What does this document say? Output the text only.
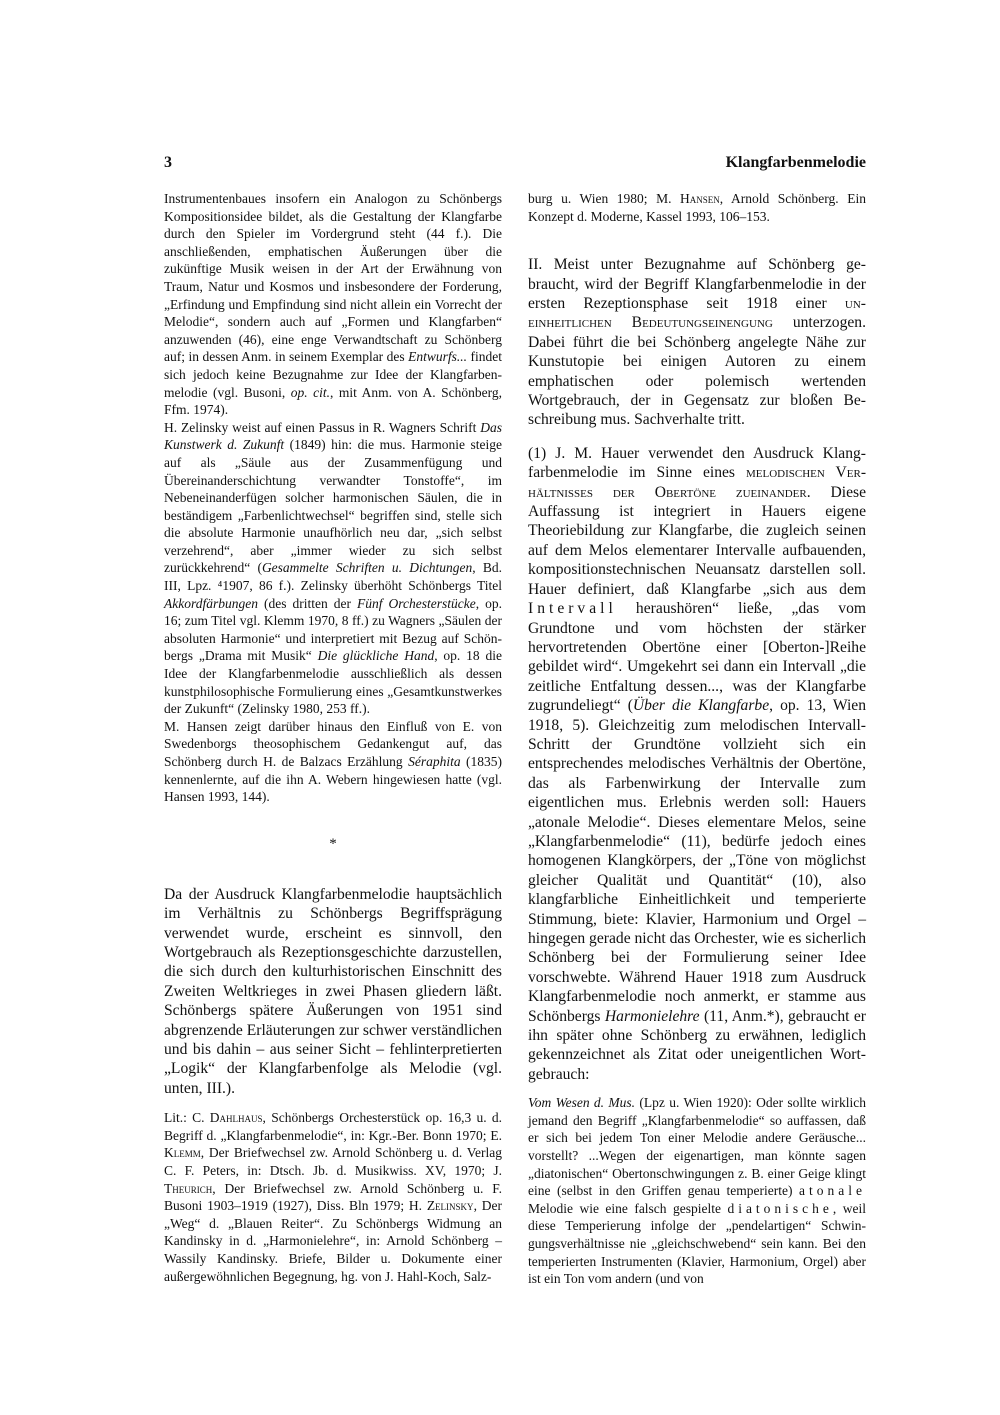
3	Klangfarbenmelodie

Instrumentenbaues insofern ein Analogon zu Schönbergs Kompositionsidee bildet, als die Gestaltung der Klangfarbe durch den Spieler im Vordergrund steht (44 f.). Die anschließenden, emphatischen Äußerungen über die zukünftige Musik weisen in der Art der Erwähnung von Traum, Natur und Kosmos und insbesondere der Forderung, „Erfindung und Empfindung sind nicht allein ein Vorrecht der Melodie“, sondern auch auf „Formen und Klangfarben“ anzuwenden (46), eine enge Verwandtschaft zu Schönberg auf; in dessen Anm. in seinem Exemplar des Entwurfs... findet sich jedoch keine Bezugnahme zur Idee der Klangfarbenmelodie (vgl. Busoni, op. cit., mit Anm. von A. Schönberg, Ffm. 1974).

H. Zelinsky weist auf einen Passus in R. Wagners Schrift Das Kunstwerk d. Zukunft (1849) hin: die mus. Harmonie steige auf als „Säule aus der Zusammenfügung und Übereinanderschichtung verwandter Tonstoffe“, im Nebeneinanderfügen solcher harmonischen Säulen, die in beständigem „Farbenlichtwechsel“ begriffen sind, stelle sich die absolute Harmonie unaufhörlich neu dar, „sich selbst verzehrend“, aber „immer wieder zu sich selbst zurückkehrend“ (Gesammelte Schriften u. Dichtungen, Bd. III, Lpz. ⁴1907, 86 f.). Zelinsky überhöht Schönbergs Titel Akkordfärbungen (des dritten der Fünf Orchesterstücke, op. 16; zum Titel vgl. Klemm 1970, 8 ff.) zu Wagners „Säulen der absoluten Harmonie“ und interpretiert mit Bezug auf Schönbergs „Drama mit Musik“ Die glückliche Hand, op. 18 die Idee der Klangfarbenmelodie ausschließlich als dessen kunstphilosophische Formulierung eines „Gesamtkunstwerkes der Zukunft“ (Zelinsky 1980, 253 ff.).

M. Hansen zeigt darüber hinaus den Einfluß von E. von Swedenborgs theosophischem Gedankengut auf, das Schönberg durch H. de Balzacs Erzählung Séraphita (1835) kennenlernte, auf die ihn A. Webern hingewiesen hatte (vgl. Hansen 1993, 144).

*

Da der Ausdruck Klangfarbenmelodie hauptsächlich im Verhältnis zu Schönbergs Begriffsprägung verwendet wurde, erscheint es sinnvoll, den Wortgebrauch als Rezeptionsgeschichte darzustellen, die sich durch den kulturhistorischen Einschnitt des Zweiten Weltkrieges in zwei Phasen gliedern läßt. Schönbergs spätere Äußerungen von 1951 sind abgrenzende Erläuterungen zur schwer verständlichen und bis dahin – aus seiner Sicht – fehlinterpretierten „Logik“ der Klangfarbenfolge als Melodie (vgl. unten, III.).

Lit.: C. Dahlhaus, Schönbergs Orchesterstück op. 16,3 u. d. Begriff d. „Klangfarbenmelodie“, in: Kgr.-Ber. Bonn 1970; E. Klemm, Der Briefwechsel zw. Arnold Schönberg u. d. Verlag C. F. Peters, in: Dtsch. Jb. d. Musikwiss. XV, 1970; J. Theurich, Der Briefwechsel zw. Arnold Schönberg u. F. Busoni 1903–1919 (1927), Diss. Bln 1979; H. Zelinsky, Der „Weg“ d. „Blauen Reiter“. Zu Schönbergs Widmung an Kandinsky in d. „Harmonielehre“, in: Arnold Schönberg – Wassily Kandinsky. Briefe, Bilder u. Dokumente einer außergewöhnlichen Begegnung, hg. von J. Hahl-Koch, Salz-

burg u. Wien 1980; M. Hansen, Arnold Schönberg. Ein Konzept d. Moderne, Kassel 1993, 106–153.

II. Meist unter Bezugnahme auf Schönberg gebraucht, wird der Begriff Klangfarbenmelodie in der ersten Rezeptionsphase seit 1918 einer uneinheitlichen Bedeutungseinengung unterzogen. Dabei führt die bei Schönberg angelegte Nähe zur Kunstutopie bei einigen Autoren zu einem emphatischen oder polemisch wertenden Wortgebrauch, der in Gegensatz zur bloßen Beschreibung mus. Sachverhalte tritt.

(1) J. M. Hauer verwendet den Ausdruck Klangfarbenmelodie im Sinne eines melodischen Verhältnisses der Obertöne zueinander. Diese Auffassung ist integriert in Hauers eigene Theoriebildung zur Klangfarbe, die zugleich seinen auf dem Melos elementarer Intervalle aufbauenden, kompositionstechnischen Neuansatz darstellen soll. Hauer definiert, daß Klangfarbe „sich aus dem Intervall heraushören“ ließe, „das vom Grundtone und vom höchsten der stärker hervortretenden Obertöne einer [Oberton-]Reihe gebildet wird“. Umgekehrt sei dann ein Intervall „die zeitliche Entfaltung dessen..., was der Klangfarbe zugrundeliegt“ (Über die Klangfarbe, op. 13, Wien 1918, 5). Gleichzeitig zum melodischen Intervall-Schritt der Grundtöne vollzieht sich ein entsprechendes melodisches Verhältnis der Obertöne, das als Farbenwirkung der Intervalle zum eigentlichen mus. Erlebnis werden soll: Hauers „atonale Melodie“. Dieses elementare Melos, seine „Klangfarbenmelodie“ (11), bedürfe jedoch eines homogenen Klangkörpers, der „Töne von möglichst gleicher Qualität und Quantität“ (10), also klangfarbliche Einheitlichkeit und temperierte Stimmung, biete: Klavier, Harmonium und Orgel – hingegen gerade nicht das Orchester, wie es sicherlich Schönberg bei der Formulierung seiner Idee vorschwebte. Während Hauer 1918 zum Ausdruck Klangfarbenmelodie noch anmerkt, er stamme aus Schönbergs Harmonielehre (11, Anm.*), gebraucht er ihn später ohne Schönberg zu erwähnen, lediglich gekennzeichnet als Zitat oder uneigentlichen Wortgebrauch:

Vom Wesen d. Mus. (Lpz u. Wien 1920): Oder sollte wirklich jemand den Begriff „Klangfarbenmelodie“ so auffassen, daß er sich bei jedem Ton einer Melodie andere Geräusche... vorstellt? ...Wegen der eigenartigen, man könnte sagen „diatonischen“ Obertonschwingungen z. B. einer Geige klingt eine (selbst in den Griffen genau temperierte) atonale Melodie wie eine falsch gespielte diatonische, weil diese Temperierung infolge der „pendelartigen“ Schwingungsverhältnisse nie „gleichschwebend“ sein kann. Bei den temperierten Instrumenten (Klavier, Harmonium, Orgel) aber ist ein Ton vom andern (und von
